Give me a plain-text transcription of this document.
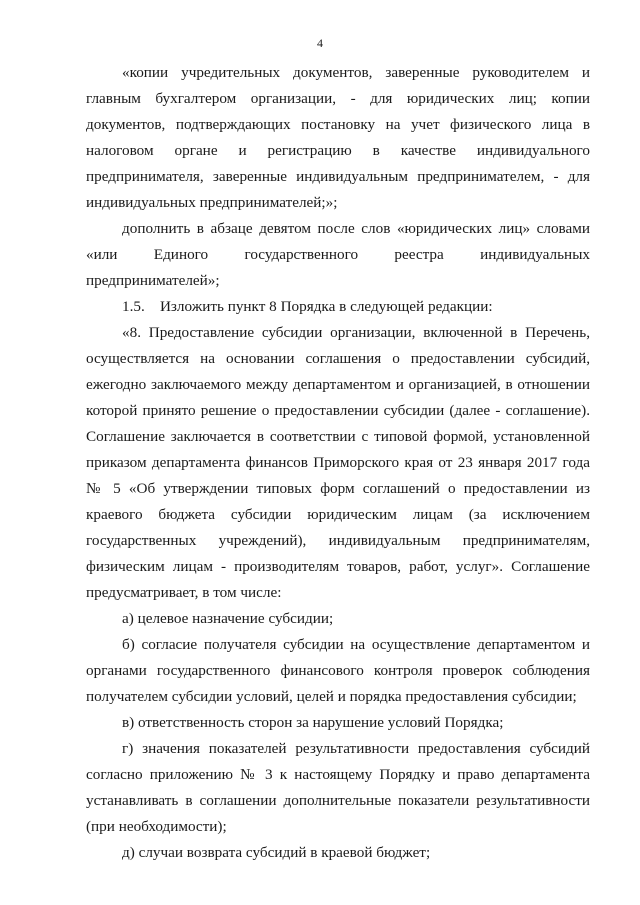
4

«копии учредительных документов, заверенные руководителем и главным бухгалтером организации, - для юридических лиц; копии документов, подтверждающих постановку на учет физического лица в налоговом органе и регистрацию в качестве индивидуального предпринимателя, заверенные индивидуальным предпринимателем, - для индивидуальных предпринимателей;»;

дополнить в абзаце девятом после слов «юридических лиц» словами «или Единого государственного реестра индивидуальных предпринимателей»;

1.5.    Изложить пункт 8 Порядка в следующей редакции:

«8. Предоставление субсидии организации, включенной в Перечень, осуществляется на основании соглашения о предоставлении субсидий, ежегодно заключаемого между департаментом и организацией, в отношении которой принято решение о предоставлении субсидии (далее - соглашение). Соглашение заключается в соответствии с типовой формой, установленной приказом департамента финансов Приморского края от 23 января 2017 года № 5 «Об утверждении типовых форм соглашений о предоставлении из краевого бюджета субсидии юридическим лицам (за исключением государственных учреждений), индивидуальным предпринимателям, физическим лицам - производителям товаров, работ, услуг». Соглашение предусматривает, в том числе:

а) целевое назначение субсидии;

б) согласие получателя субсидии на осуществление департаментом и органами государственного финансового контроля проверок соблюдения получателем субсидии условий, целей и порядка предоставления субсидии;

в) ответственность сторон за нарушение условий Порядка;

г) значения показателей результативности предоставления субсидий согласно приложению № 3 к настоящему Порядку и право департамента устанавливать в соглашении дополнительные показатели результативности (при необходимости);

д) случаи возврата субсидий в краевой бюджет;
